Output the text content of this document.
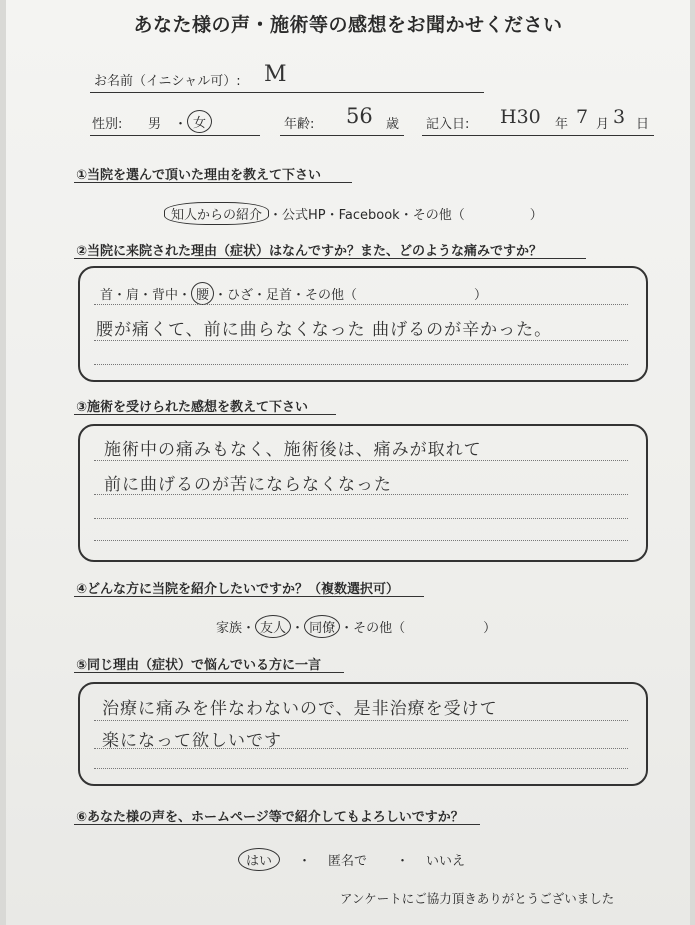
あなた様の声・施術等の感想をお聞かせください
お名前（イニシャル可）: M
性別: 男 ・ 女	年齢: 56 歳 記入日: H30 年 7 月 3 日
①当院を選んで頂いた理由を教えて下さい
知人からの紹介 ・公式HP・Facebook・その他（　　　　　）
②当院に来院された理由（症状）はなんですか？また、どのような痛みですか？
首・肩・背中・ 腰 ・ひざ・足首・その他（　　　　　　　　　）
腰が痛くて、前に曲らなくなった 曲げるのが辛かった。
③施術を受けられた感想を教えて下さい
施術中の痛みもなく、施術後は、痛みが取れて
前に曲げるのが苦にならなくなった
④どんな方に当院を紹介したいですか？（複数選択可）
家族・ 友人 ・ 同僚 ・その他（　　　　　　）
⑤同じ理由（症状）で悩んでいる方に一言
治療に痛みを伴なわないので、是非治療を受けて
楽になって欲しいです
⑥あなた様の声を、ホームページ等で紹介してもよろしいですか？
はい	・ 匿名で ・ いいえ
アンケートにご協力頂きありがとうございました
